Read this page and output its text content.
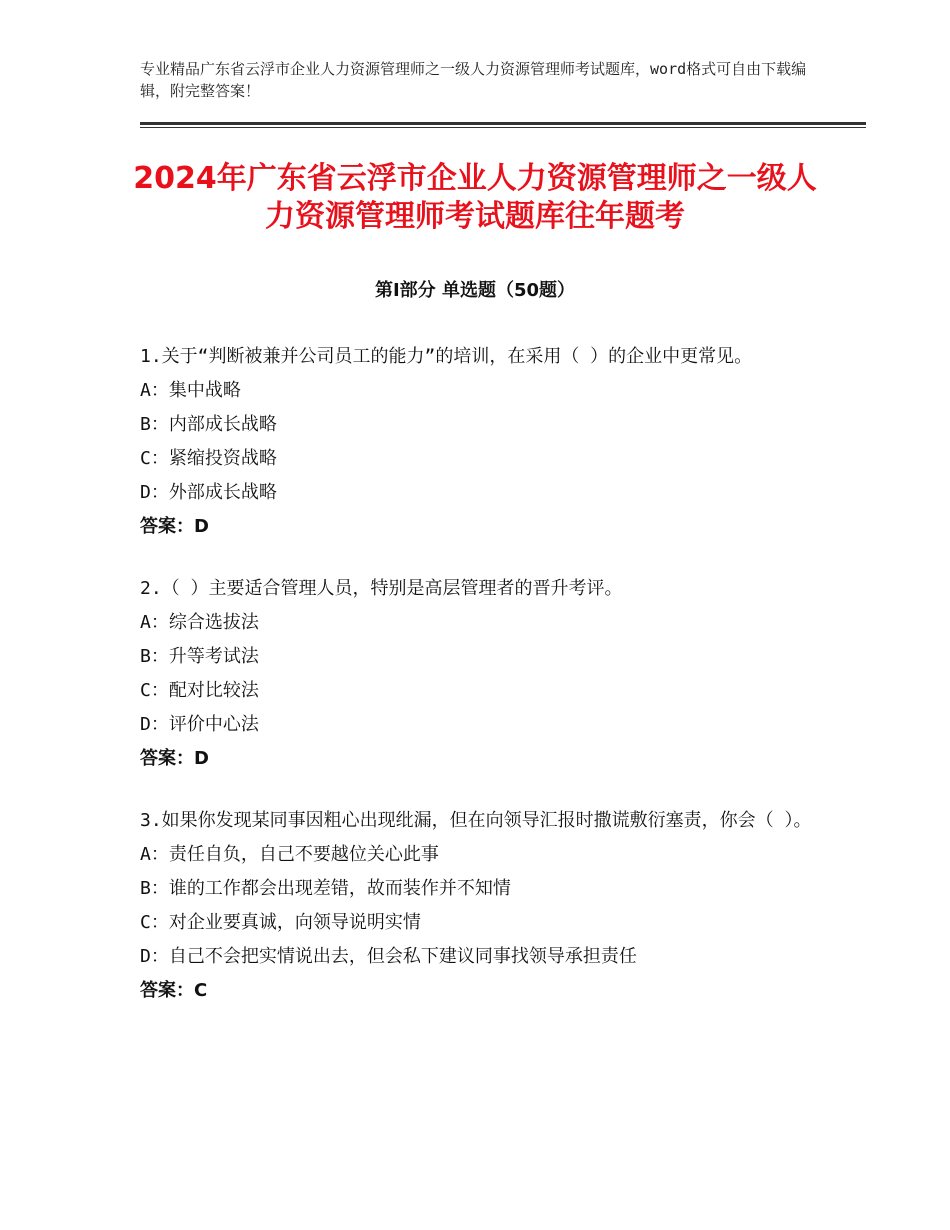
专业精品广东省云浮市企业人力资源管理师之一级人力资源管理师考试题库，word格式可自由下载编辑，附完整答案！
2024年广东省云浮市企业人力资源管理师之一级人力资源管理师考试题库往年题考
第Ⅰ部分 单选题（50题）

1.关于“判断被兼并公司员工的能力”的培训，在采用（ ）的企业中更常见。

A：集中战略

B：内部成长战略

C：紧缩投资战略

D：外部成长战略

答案：D

2.（ ）主要适合管理人员，特别是高层管理者的晋升考评。

A：综合选拔法

B：升等考试法

C：配对比较法

D：评价中心法

答案：D

3.如果你发现某同事因粗心出现纰漏，但在向领导汇报时撒谎敷衍塞责，你会（ ）。

A：责任自负，自己不要越位关心此事

B：谁的工作都会出现差错，故而装作并不知情

C：对企业要真诚，向领导说明实情

D：自己不会把实情说出去，但会私下建议同事找领导承担责任

答案：C
